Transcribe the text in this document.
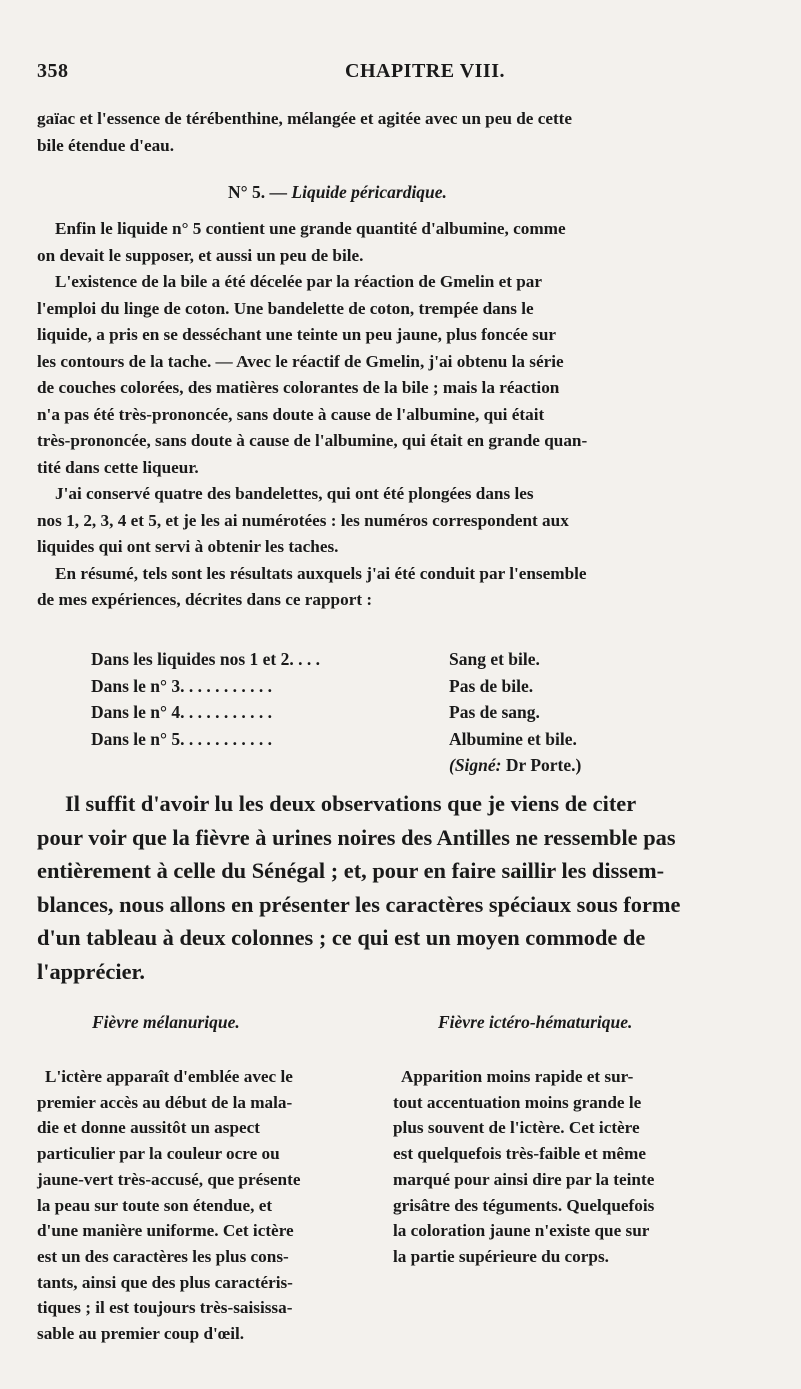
358	CHAPITRE VIII.

gaïac et l'essence de térébenthine, mélangée et agitée avec un peu de cette

bile étendue d'eau.

N° 5. — Liquide péricardique.

Enfin le liquide n° 5 contient une grande quantité d'albumine, comme

on devait le supposer, et aussi un peu de bile.

L'existence de la bile a été décelée par la réaction de Gmelin et par

l'emploi du linge de coton. Une bandelette de coton, trempée dans le

liquide, a pris en se desséchant une teinte un peu jaune, plus foncée sur

les contours de la tache. — Avec le réactif de Gmelin, j'ai obtenu la série

de couches colorées, des matières colorantes de la bile ; mais la réaction

n'a pas été très-prononcée, sans doute à cause de l'albumine, qui était

très-prononcée, sans doute à cause de l'albumine, qui était en grande quan-

tité dans cette liqueur.

J'ai conservé quatre des bandelettes, qui ont été plongées dans les

nos 1, 2, 3, 4 et 5, et je les ai numérotées : les numéros correspondent aux

liquides qui ont servi à obtenir les taches.

En résumé, tels sont les résultats auxquels j'ai été conduit par l'ensemble

de mes expériences, décrites dans ce rapport :

Dans les liquides nos 1 et 2. . . .	Sang et bile.
Dans le n° 3. . . . . . . . . . .	Pas de bile.
Dans le n° 4. . . . . . . . . . .	Pas de sang.
Dans le n° 5. . . . . . . . . . .	Albumine et bile.
(Signé: Dr Porte.)
Il suffit d'avoir lu les deux observations que je viens de citer
pour voir que la fièvre à urines noires des Antilles ne ressemble pas
entièrement à celle du Sénégal ; et, pour en faire saillir les dissem-
blances, nous allons en présenter les caractères spéciaux sous forme
d'un tableau à deux colonnes ; ce qui est un moyen commode de
l'apprécier.
Fièvre mélanurique.	Fièvre ictéro-hématurique.
L'ictère apparaît d'emblée avec le
premier accès au début de la mala-
die et donne aussitôt un aspect
particulier par la couleur ocre ou
jaune-vert très-accusé, que présente
la peau sur toute son étendue, et
d'une manière uniforme. Cet ictère
est un des caractères les plus cons-
tants, ainsi que des plus caractéris-
tiques ; il est toujours très-saisissa-
sable au premier coup d'œil.
Apparition moins rapide et sur-
tout accentuation moins grande le
plus souvent de l'ictère. Cet ictère
est quelquefois très-faible et même
marqué pour ainsi dire par la teinte
grisâtre des téguments. Quelquefois
la coloration jaune n'existe que sur
la partie supérieure du corps.
